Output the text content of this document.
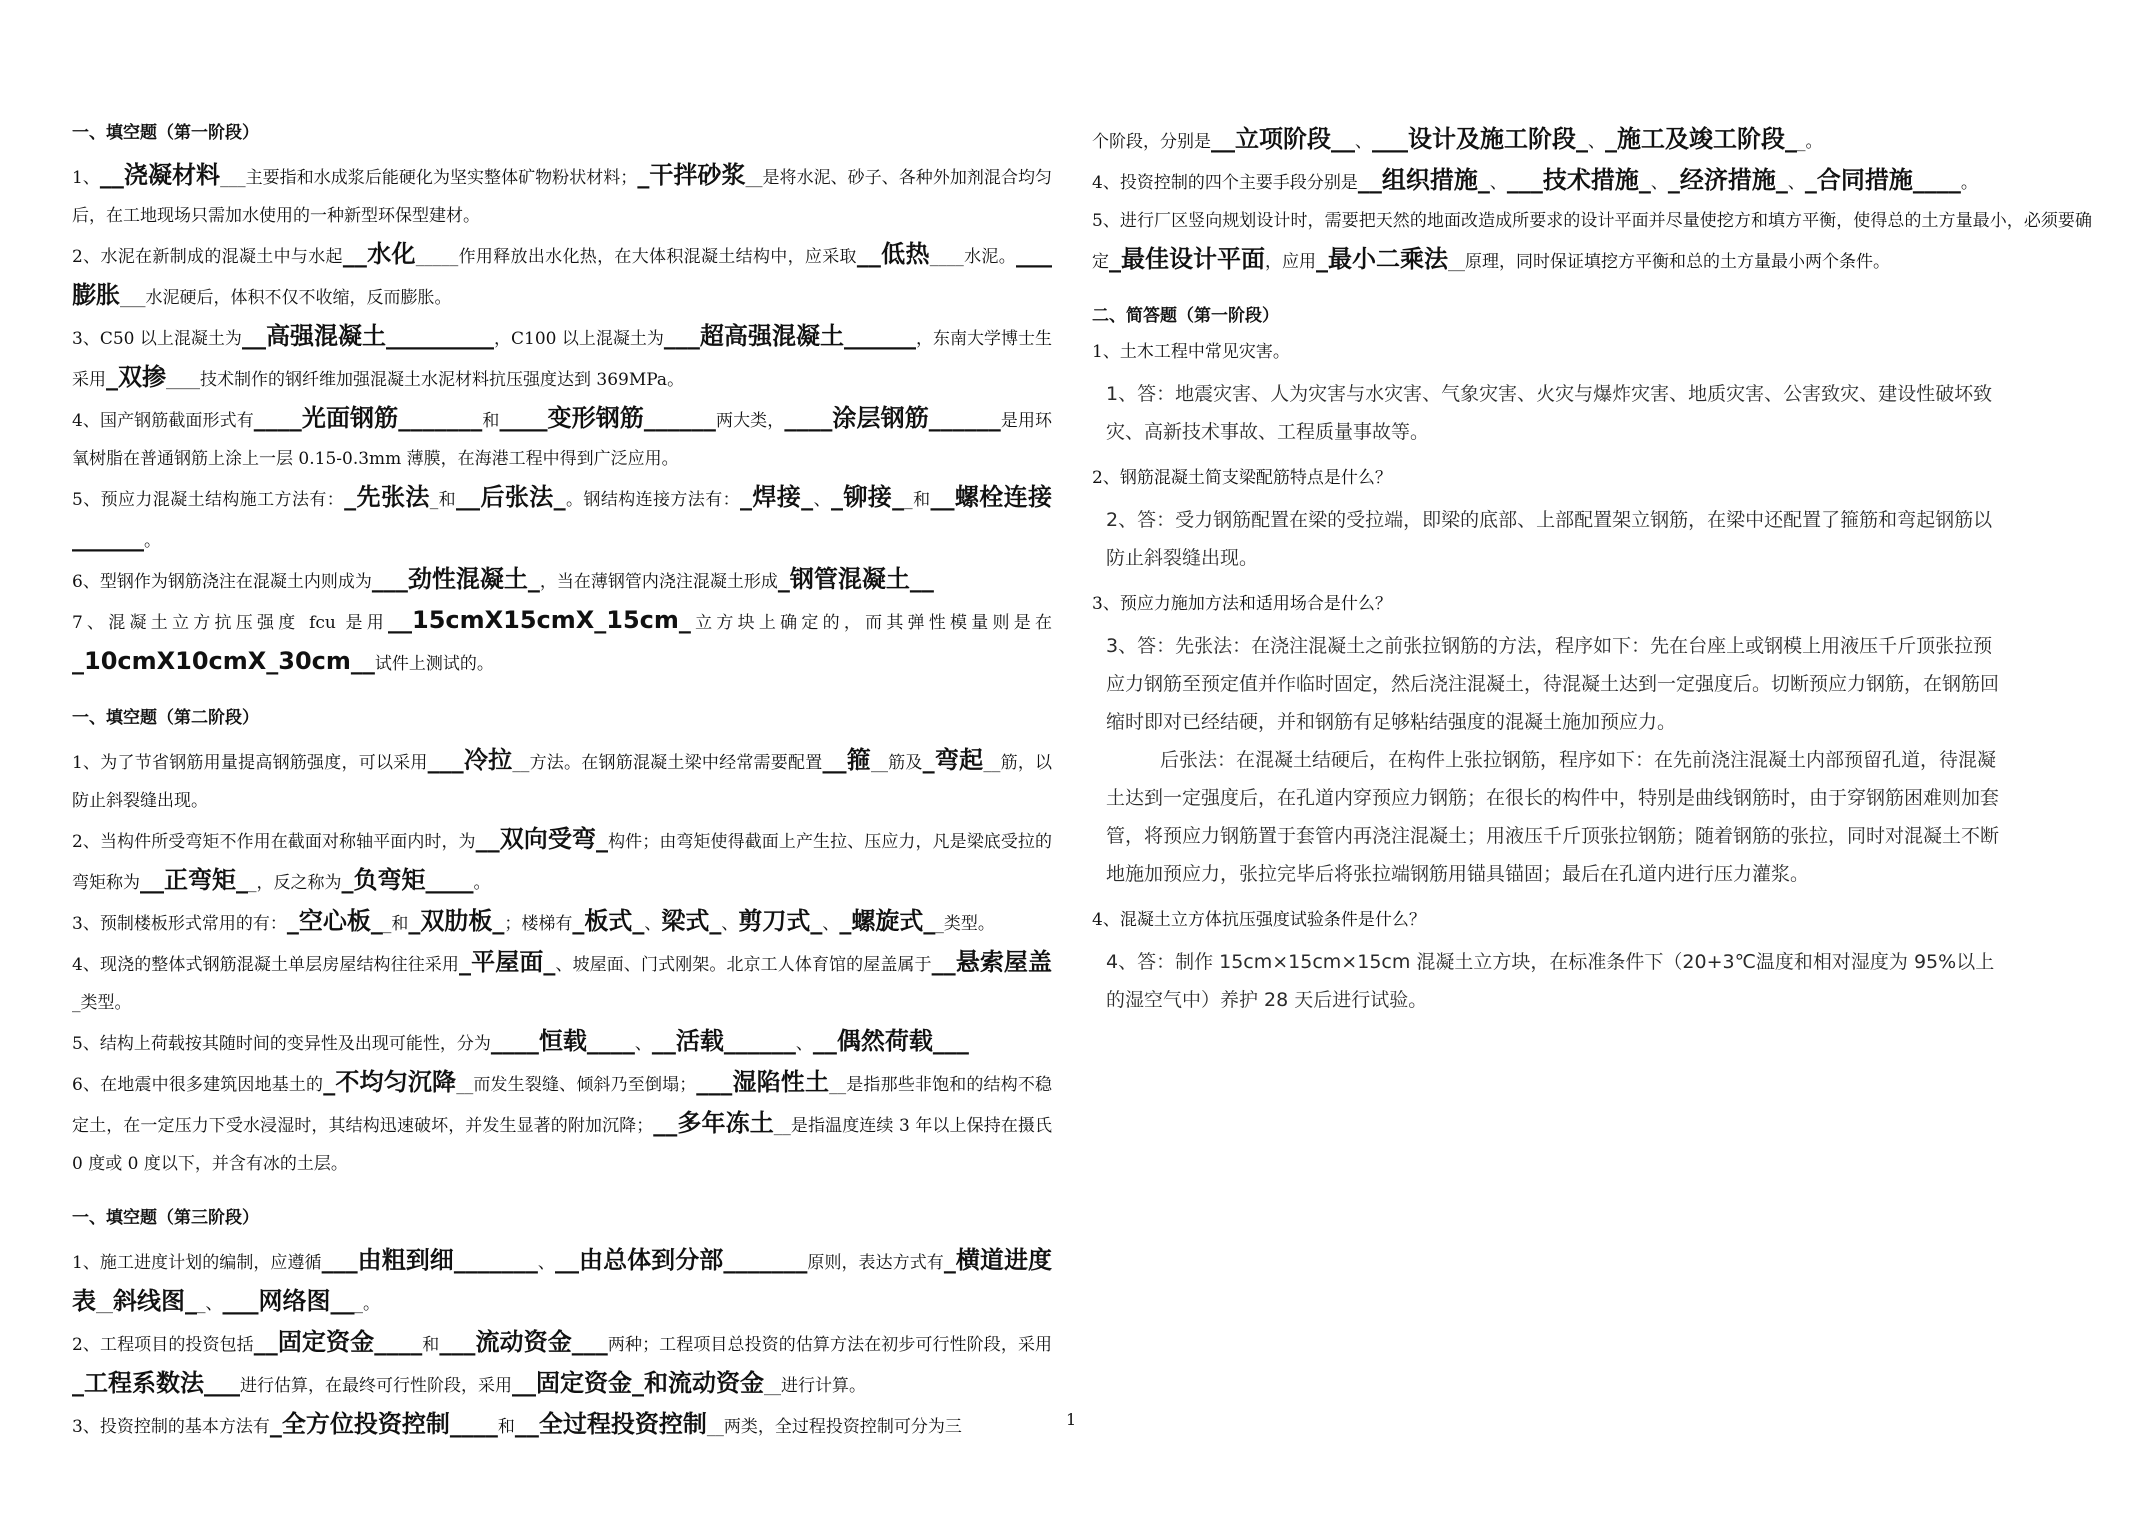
一、填空题（第一阶段）

1、__浇凝材料___主要指和水成浆后能硬化为坚实整体矿物粉状材料；_干拌砂浆__是将水泥、砂子、各种外加剂混合均匀后，在工地现场只需加水使用的一种新型环保型建材。

2、水泥在新制成的混凝土中与水起__水化_____作用释放出水化热，在大体积混凝土结构中，应采取__低热____水泥。___膨胀___水泥硬后，体积不仅不收缩，反而膨胀。

3、C50 以上混凝土为__高强混凝土_________，C100 以上混凝土为___超高强混凝土______，东南大学博士生采用_双掺____技术制作的钢纤维加强混凝土水泥材料抗压强度达到 369MPa。

4、国产钢筋截面形式有____光面钢筋_______和____变形钢筋______两大类，____涂层钢筋______是用环氧树脂在普通钢筋上涂上一层 0.15-0.3mm 薄膜，在海港工程中得到广泛应用。

5、预应力混凝土结构施工方法有：_先张法_和__后张法_。钢结构连接方法有：_焊接_、_铆接__和__螺栓连接______。

6、型钢作为钢筋浇注在混凝土内则成为___劲性混凝土_，当在薄钢管内浇注混凝土形成_钢管混凝土__

7、混凝土立方抗压强度 fcu 是用__15cmX15cmX_15cm_立方块上确定的，而其弹性模量则是在_10cmX10cmX_30cm__试件上测试的。

一、填空题（第二阶段）

1、为了节省钢筋用量提高钢筋强度，可以采用___冷拉__方法。在钢筋混凝土梁中经常需要配置__箍__筋及_弯起__筋，以防止斜裂缝出现。

2、当构件所受弯矩不作用在截面对称轴平面内时，为__双向受弯_构件；由弯矩使得截面上产生拉、压应力，凡是梁底受拉的弯矩称为__正弯矩__，反之称为_负弯矩____。

3、预制楼板形式常用的有：_空心板__和_双肋板_；楼梯有_板式_、梁式_、剪刀式_、_螺旋式__类型。

4、现浇的整体式钢筋混凝土单层房屋结构往往采用_平屋面_、坡屋面、门式刚架。北京工人体育馆的屋盖属于__悬索屋盖_类型。

5、结构上荷载按其随时间的变异性及出现可能性，分为____恒载____、__活载______、__偶然荷载___

6、在地震中很多建筑因地基土的_不均匀沉降__而发生裂缝、倾斜乃至倒塌；___湿陷性土__是指那些非饱和的结构不稳定土，在一定压力下受水浸湿时，其结构迅速破坏，并发生显著的附加沉降；__多年冻土__是指温度连续 3 年以上保持在摄氏 0 度或 0 度以下，并含有冰的土层。

一、填空题（第三阶段）

1、施工进度计划的编制，应遵循___由粗到细_______、__由总体到分部_______原则，表达方式有_横道进度表__斜线图__、___网络图___。

2、工程项目的投资包括__固定资金____和___流动资金___两种；工程项目总投资的估算方法在初步可行性阶段，采用_工程系数法___进行估算，在最终可行性阶段，采用__固定资金_和流动资金__进行计算。

3、投资控制的基本方法有_全方位投资控制____和__全过程投资控制__两类，全过程投资控制可分为三

个阶段，分别是__立项阶段__、___设计及施工阶段_、_施工及竣工阶段__。

4、投资控制的四个主要手段分别是__组织措施_、___技术措施_、_经济措施_、_合同措施____。

5、进行厂区竖向规划设计时，需要把天然的地面改造成所要求的设计平面并尽量使挖方和填方平衡，使得总的土方量最小，必须要确定_最佳设计平面，应用_最小二乘法__原理，同时保证填挖方平衡和总的土方量最小两个条件。

二、简答题（第一阶段）
1、土木工程中常见灾害。
1、答：地震灾害、人为灾害与水灾害、气象灾害、火灾与爆炸灾害、地质灾害、公害致灾、建设性破坏致灾、高新技术事故、工程质量事故等。
2、钢筋混凝土简支梁配筋特点是什么？
2、答：受力钢筋配置在梁的受拉端，即梁的底部、上部配置架立钢筋，在梁中还配置了箍筋和弯起钢筋以防止斜裂缝出现。
3、预应力施加方法和适用场合是什么？
3、答：先张法：在浇注混凝土之前张拉钢筋的方法，程序如下：先在台座上或钢模上用液压千斤顶张拉预应力钢筋至预定值并作临时固定，然后浇注混凝土，待混凝土达到一定强度后。切断预应力钢筋，在钢筋回缩时即对已经结硬，并和钢筋有足够粘结强度的混凝土施加预应力。
后张法：在混凝土结硬后，在构件上张拉钢筋，程序如下：在先前浇注混凝土内部预留孔道，待混凝土达到一定强度后，在孔道内穿预应力钢筋；在很长的构件中，特别是曲线钢筋时，由于穿钢筋困难则加套管，将预应力钢筋置于套管内再浇注混凝土；用液压千斤顶张拉钢筋；随着钢筋的张拉，同时对混凝土不断地施加预应力，张拉完毕后将张拉端钢筋用锚具锚固；最后在孔道内进行压力灌浆。
4、混凝土立方体抗压强度试验条件是什么？
4、答：制作 15cm×15cm×15cm 混凝土立方块，在标准条件下（20+3℃温度和相对湿度为 95%以上的湿空气中）养护 28 天后进行试验。
1
